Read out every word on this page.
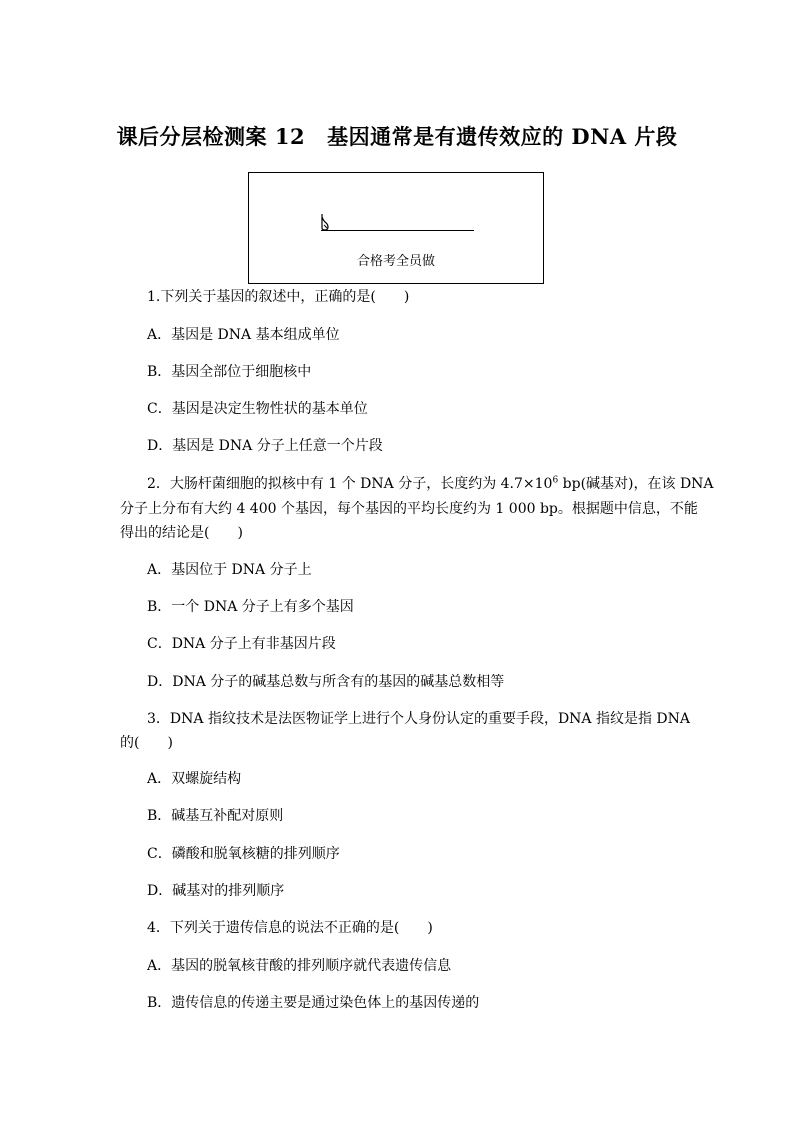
课后分层检测案 12 基因通常是有遗传效应的 DNA 片段
合格考全员做
1.下列关于基因的叙述中，正确的是(　　)
A．基因是 DNA 基本组成单位
B．基因全部位于细胞核中
C．基因是决定生物性状的基本单位
D．基因是 DNA 分子上任意一个片段
2．大肠杆菌细胞的拟核中有 1 个 DNA 分子，长度约为 $4.7\times 10^6$ bp(碱基对)，在该 DNA
分子上分布有大约 4 400 个基因，每个基因的平均长度约为 1 000 bp。根据题中信息，不能
得出的结论是(　　)
A．基因位于 DNA 分子上
B．一个 DNA 分子上有多个基因
C．DNA 分子上有非基因片段
D．DNA 分子的碱基总数与所含有的基因的碱基总数相等
3．DNA 指纹技术是法医物证学上进行个人身份认定的重要手段，DNA 指纹是指 DNA
的(　　)
A．双螺旋结构
B．碱基互补配对原则
C．磷酸和脱氧核糖的排列顺序
D．碱基对的排列顺序
4．下列关于遗传信息的说法不正确的是(　　)
A．基因的脱氧核苷酸的排列顺序就代表遗传信息
B．遗传信息的传递主要是通过染色体上的基因传递的
